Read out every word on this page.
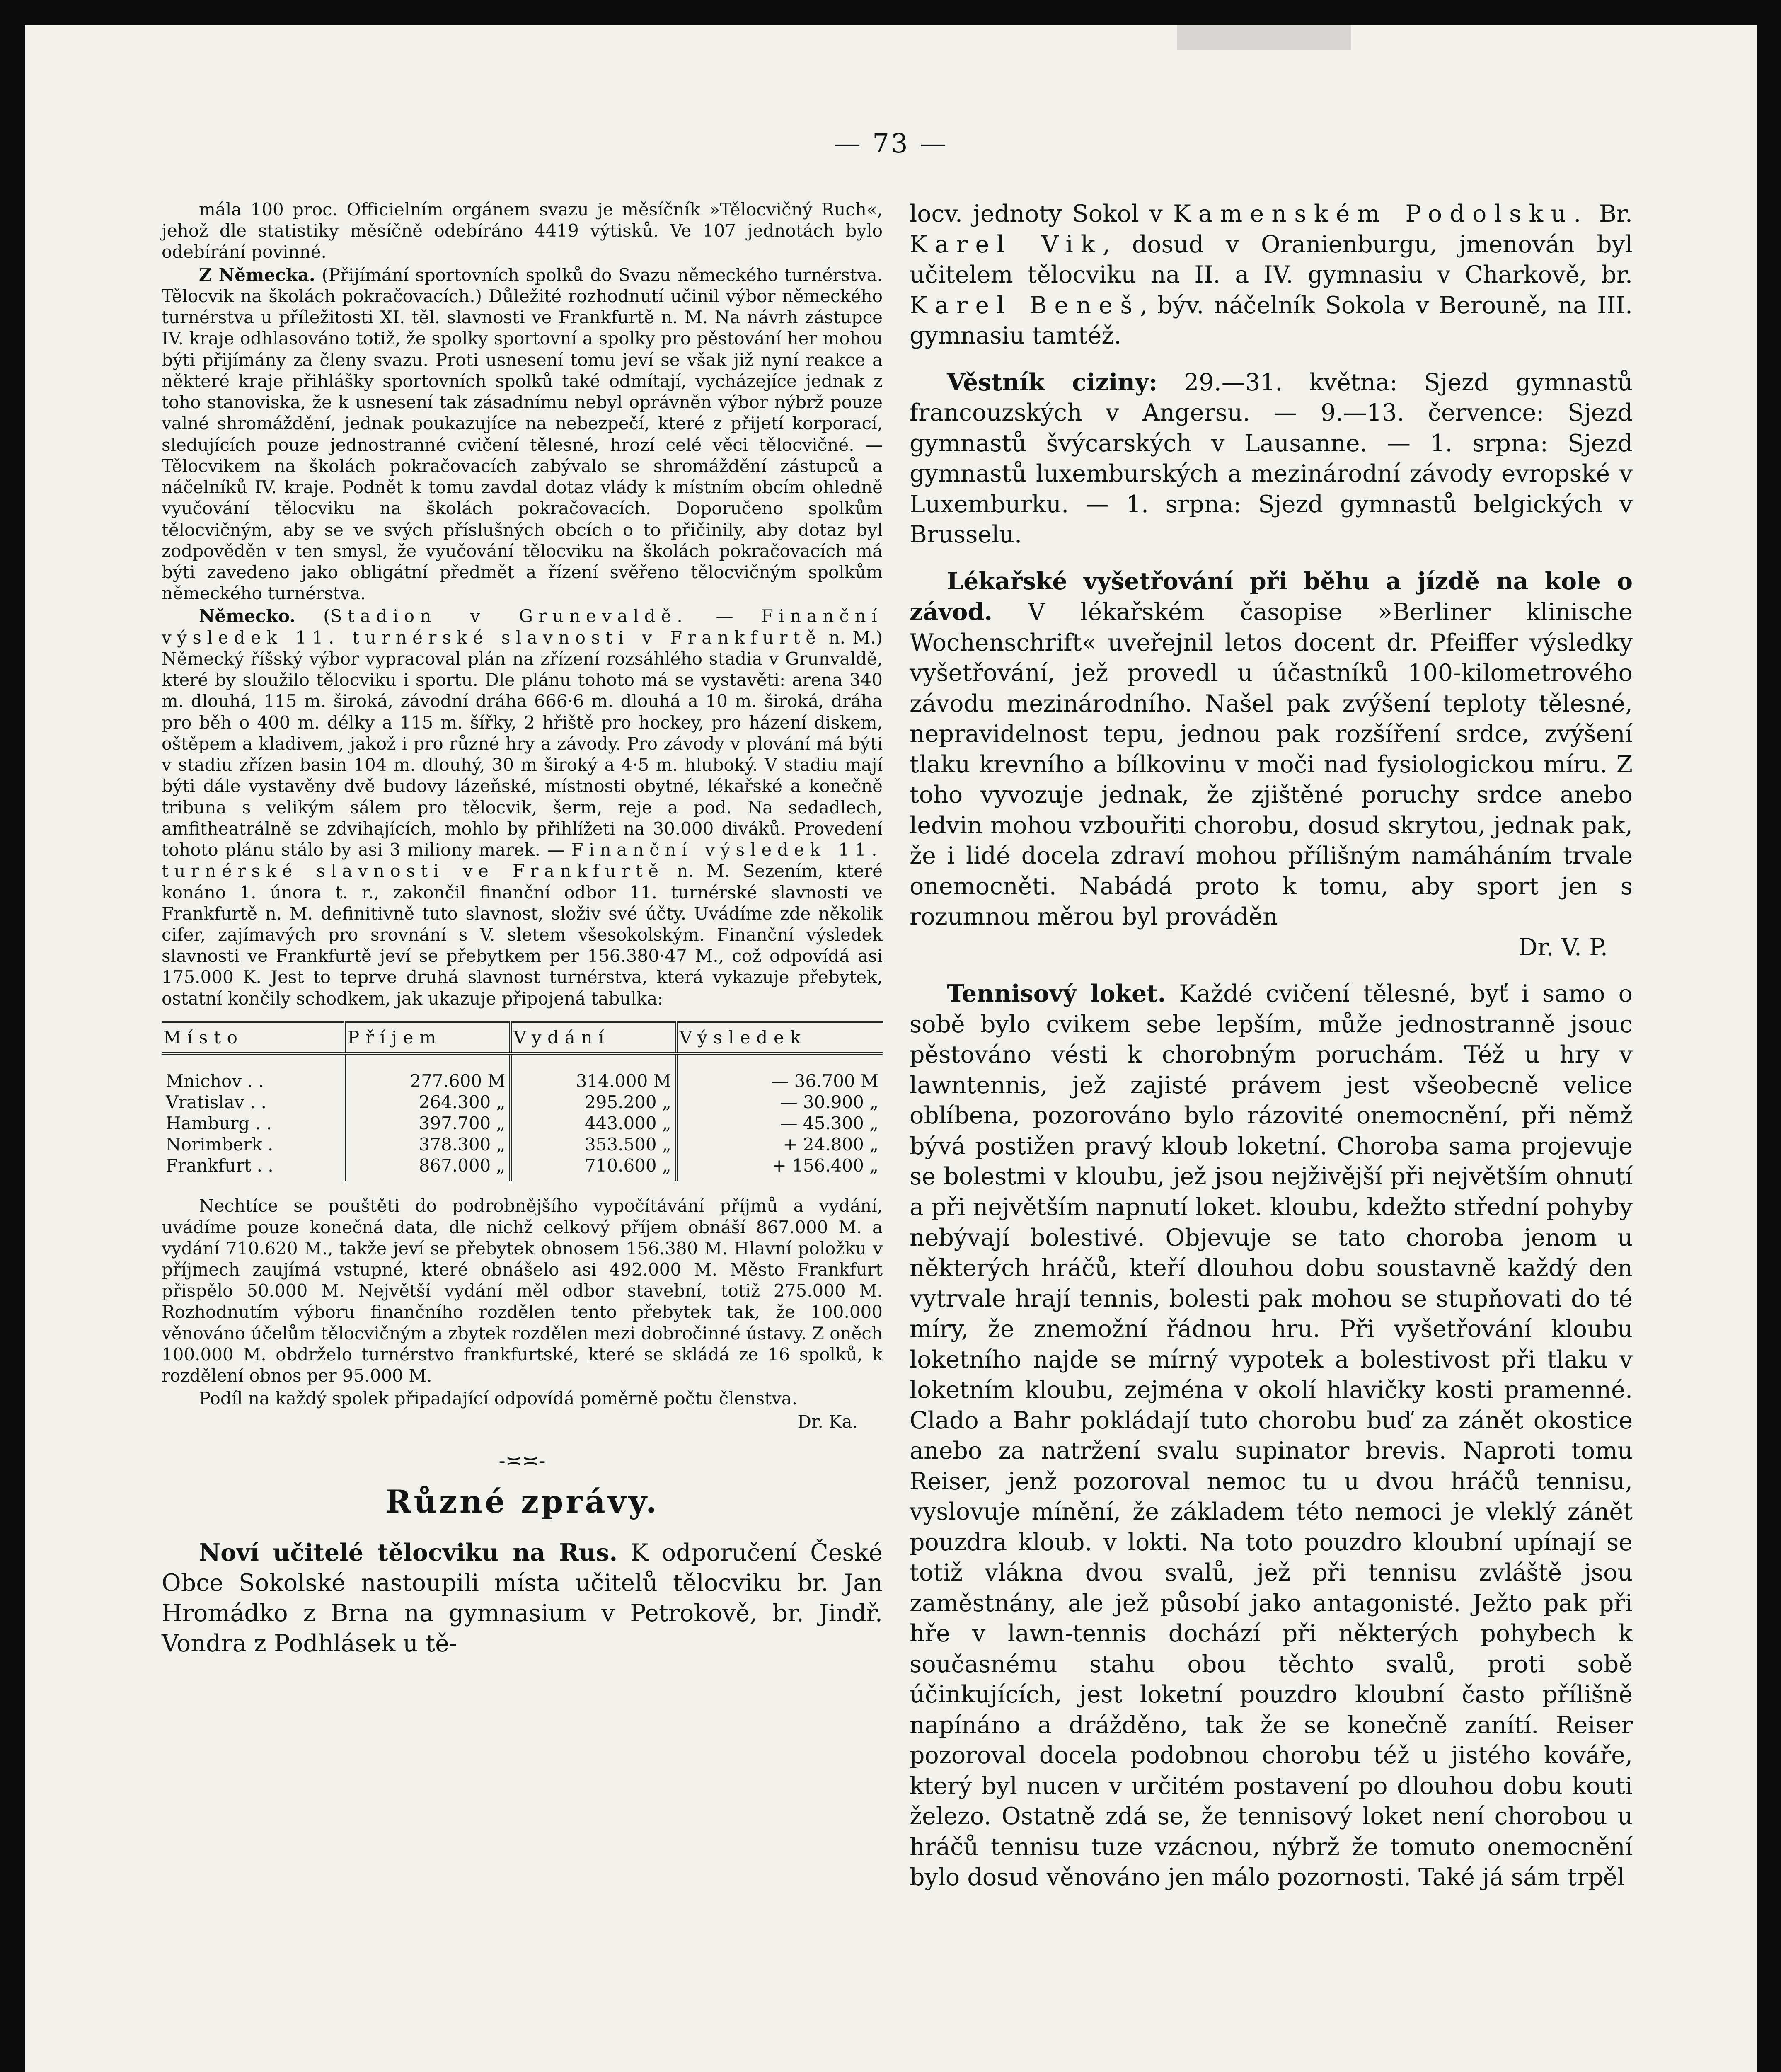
— 73 —

mála 100 proc. Officielním orgánem svazu je měsíčník »Tělocvičný Ruch«, jehož dle statistiky měsíčně odebíráno 4419 výtisků. Ve 107 jednotách bylo odebírání povinné.

Z Německa. (Přijímání sportovních spolků do Svazu německého turnérstva. Tělocvik na školách pokračovacích.) Důležité rozhodnutí učinil výbor německého turnérstva u příležitosti XI. těl. slavnosti ve Frankfurtě n. M. Na návrh zástupce IV. kraje odhlasováno totiž, že spolky sportovní a spolky pro pěstování her mohou býti přijímány za členy svazu. Proti usnesení tomu jeví se však již nyní reakce a některé kraje přihlášky sportovních spolků také odmítají, vycházejíce jednak z toho stanoviska, že k usnesení tak zásadnímu nebyl oprávněn výbor nýbrž pouze valné shromáždění, jednak poukazujíce na nebezpečí, které z přijetí korporací, sledujících pouze jednostranné cvičení tělesné, hrozí celé věci tělocvičné. — Tělocvikem na školách pokračovacích zabývalo se shromáždění zástupců a náčelníků IV. kraje. Podnět k tomu zavdal dotaz vlády k místním obcím ohledně vyučování tělocviku na školách pokračovacích. Doporučeno spolkům tělocvičným, aby se ve svých příslušných obcích o to přičinily, aby dotaz byl zodpověděn v ten smysl, že vyučování tělocviku na školách pokračovacích má býti zavedeno jako obligátní předmět a řízení svěřeno tělocvičným spolkům německého turnérstva.

Německo. (Stadion v Grunevaldě. — Finanční výsledek 11. turnérské slavnosti v Frankfurtě n. M.) Německý říšský výbor vypracoval plán na zřízení rozsáhlého stadia v Grunvaldě, které by sloužilo tělocviku i sportu. Dle plánu tohoto má se vystavěti: arena 340 m. dlouhá, 115 m. široká, závodní dráha 666·6 m. dlouhá a 10 m. široká, dráha pro běh o 400 m. délky a 115 m. šířky, 2 hřiště pro hockey, pro házení diskem, oštěpem a kladivem, jakož i pro různé hry a závody. Pro závody v plování má býti v stadiu zřízen basin 104 m. dlouhý, 30 m široký a 4·5 m. hluboký. V stadiu mají býti dále vystavěny dvě budovy lázeňské, místnosti obytné, lékařské a konečně tribuna s velikým sálem pro tělocvik, šerm, reje a pod. Na sedadlech, amfitheatrálně se zdvihajících, mohlo by přihlížeti na 30.000 diváků. Provedení tohoto plánu stálo by asi 3 miliony marek. — Finanční výsledek 11. turnérské slavnosti ve Frankfurtě n. M. Sezením, které konáno 1. února t. r., zakončil finanční odbor 11. turnérské slavnosti ve Frankfurtě n. M. definitivně tuto slavnost, složiv své účty. Uvádíme zde několik cifer, zajímavých pro srovnání s V. sletem všesokolským. Finanční výsledek slavnosti ve Frankfurtě jeví se přebytkem per 156.380·47 M., což odpovídá asi 175.000 K. Jest to teprve druhá slavnost turnérstva, která vykazuje přebytek, ostatní končily schodkem, jak ukazuje připojená tabulka:

Místo	Příjem	Vydání	Výsledek
Mnichov . .	277.600 M	314.000 M	— 36.700 M
Vratislav . .	264.300 „	295.200 „	— 30.900 „
Hamburg . .	397.700 „	443.000 „	— 45.300 „
Norimberk .	378.300 „	353.500 „	+ 24.800 „
Frankfurt . .	867.000 „	710.600 „	+ 156.400 „

Nechtíce se pouštěti do podrobnějšího vypočítávání příjmů a vydání, uvádíme pouze konečná data, dle nichž celkový příjem obnáší 867.000 M. a vydání 710.620 M., takže jeví se přebytek obnosem 156.380 M. Hlavní položku v příjmech zaujímá vstupné, které obnášelo asi 492.000 M. Město Frankfurt přispělo 50.000 M. Největší vydání měl odbor stavební, totiž 275.000 M. Rozhodnutím výboru finančního rozdělen tento přebytek tak, že 100.000 věnováno účelům tělocvičným a zbytek rozdělen mezi dobročinné ústavy. Z oněch 100.000 M. obdrželo turnérstvo frankfurtské, které se skládá ze 16 spolků, k rozdělení obnos per 95.000 M.

Podíl na každý spolek připadající odpovídá poměrně počtu členstva.

Dr. Ka.

-≍≍-
Různé zprávy.

Noví učitelé tělocviku na Rus. K odporučení České Obce Sokolské nastoupili místa učitelů tělocviku br. Jan Hromádko z Brna na gymnasium v Petrokově, br. Jindř. Vondra z Podhlásek u tě-

locv. jednoty Sokol v Kamenském Podolsku. Br. Karel Vik, dosud v Oranienburgu, jmenován byl učitelem tělocviku na II. a IV. gymnasiu v Charkově, br. Karel Beneš, býv. náčelník Sokola v Berouně, na III. gymnasiu tamtéž.

Věstník ciziny: 29.—31. května: Sjezd gymnastů francouzských v Angersu. — 9.—13. července: Sjezd gymnastů švýcarských v Lausanne. — 1. srpna: Sjezd gymnastů luxemburských a mezinárodní závody evropské v Luxemburku. — 1. srpna: Sjezd gymnastů belgických v Brusselu.

Lékařské vyšetřování při běhu a jízdě na kole o závod. V lékařském časopise »Berliner klinische Wochenschrift« uveřejnil letos docent dr. Pfeiffer výsledky vyšetřování, jež provedl u účastníků 100-kilometrového závodu mezinárodního. Našel pak zvýšení teploty tělesné, nepravidelnost tepu, jednou pak rozšíření srdce, zvýšení tlaku krevního a bílkovinu v moči nad fysiologickou míru. Z toho vyvozuje jednak, že zjištěné poruchy srdce anebo ledvin mohou vzbouřiti chorobu, dosud skrytou, jednak pak, že i lidé docela zdraví mohou přílišným namáháním trvale onemocněti. Nabádá proto k tomu, aby sport jen s rozumnou měrou byl prováděn

Dr. V. P.

Tennisový loket. Každé cvičení tělesné, byť i samo o sobě bylo cvikem sebe lepším, může jednostranně jsouc pěstováno vésti k chorobným poruchám. Též u hry v lawntennis, jež zajisté právem jest všeobecně velice oblíbena, pozorováno bylo rázovité onemocnění, při němž bývá postižen pravý kloub loketní. Choroba sama projevuje se bolestmi v kloubu, jež jsou nejživější při největším ohnutí a při největším napnutí loket. kloubu, kdežto střední pohyby nebývají bolestivé. Objevuje se tato choroba jenom u některých hráčů, kteří dlouhou dobu soustavně každý den vytrvale hrají tennis, bolesti pak mohou se stupňovati do té míry, že znemožní řádnou hru. Při vyšetřování kloubu loketního najde se mírný vypotek a bolestivost při tlaku v loketním kloubu, zejména v okolí hlavičky kosti pramenné. Clado a Bahr pokládají tuto chorobu buď za zánět okostice anebo za natržení svalu supinator brevis. Naproti tomu Reiser, jenž pozoroval nemoc tu u dvou hráčů tennisu, vyslovuje mínění, že základem této nemoci je vleklý zánět pouzdra kloub. v lokti. Na toto pouzdro kloubní upínají se totiž vlákna dvou svalů, jež při tennisu zvláště jsou zaměstnány, ale jež působí jako antagonisté. Ježto pak při hře v lawn-tennis dochází při některých pohybech k současnému stahu obou těchto svalů, proti sobě účinkujících, jest loketní pouzdro kloubní často přílišně napínáno a drážděno, tak že se konečně zanítí. Reiser pozoroval docela podobnou chorobu též u jistého kováře, který byl nucen v určitém postavení po dlouhou dobu kouti železo. Ostatně zdá se, že tennisový loket není chorobou u hráčů tennisu tuze vzácnou, nýbrž že tomuto onemocnění bylo dosud věnováno jen málo pozornosti. Také já sám trpěl
